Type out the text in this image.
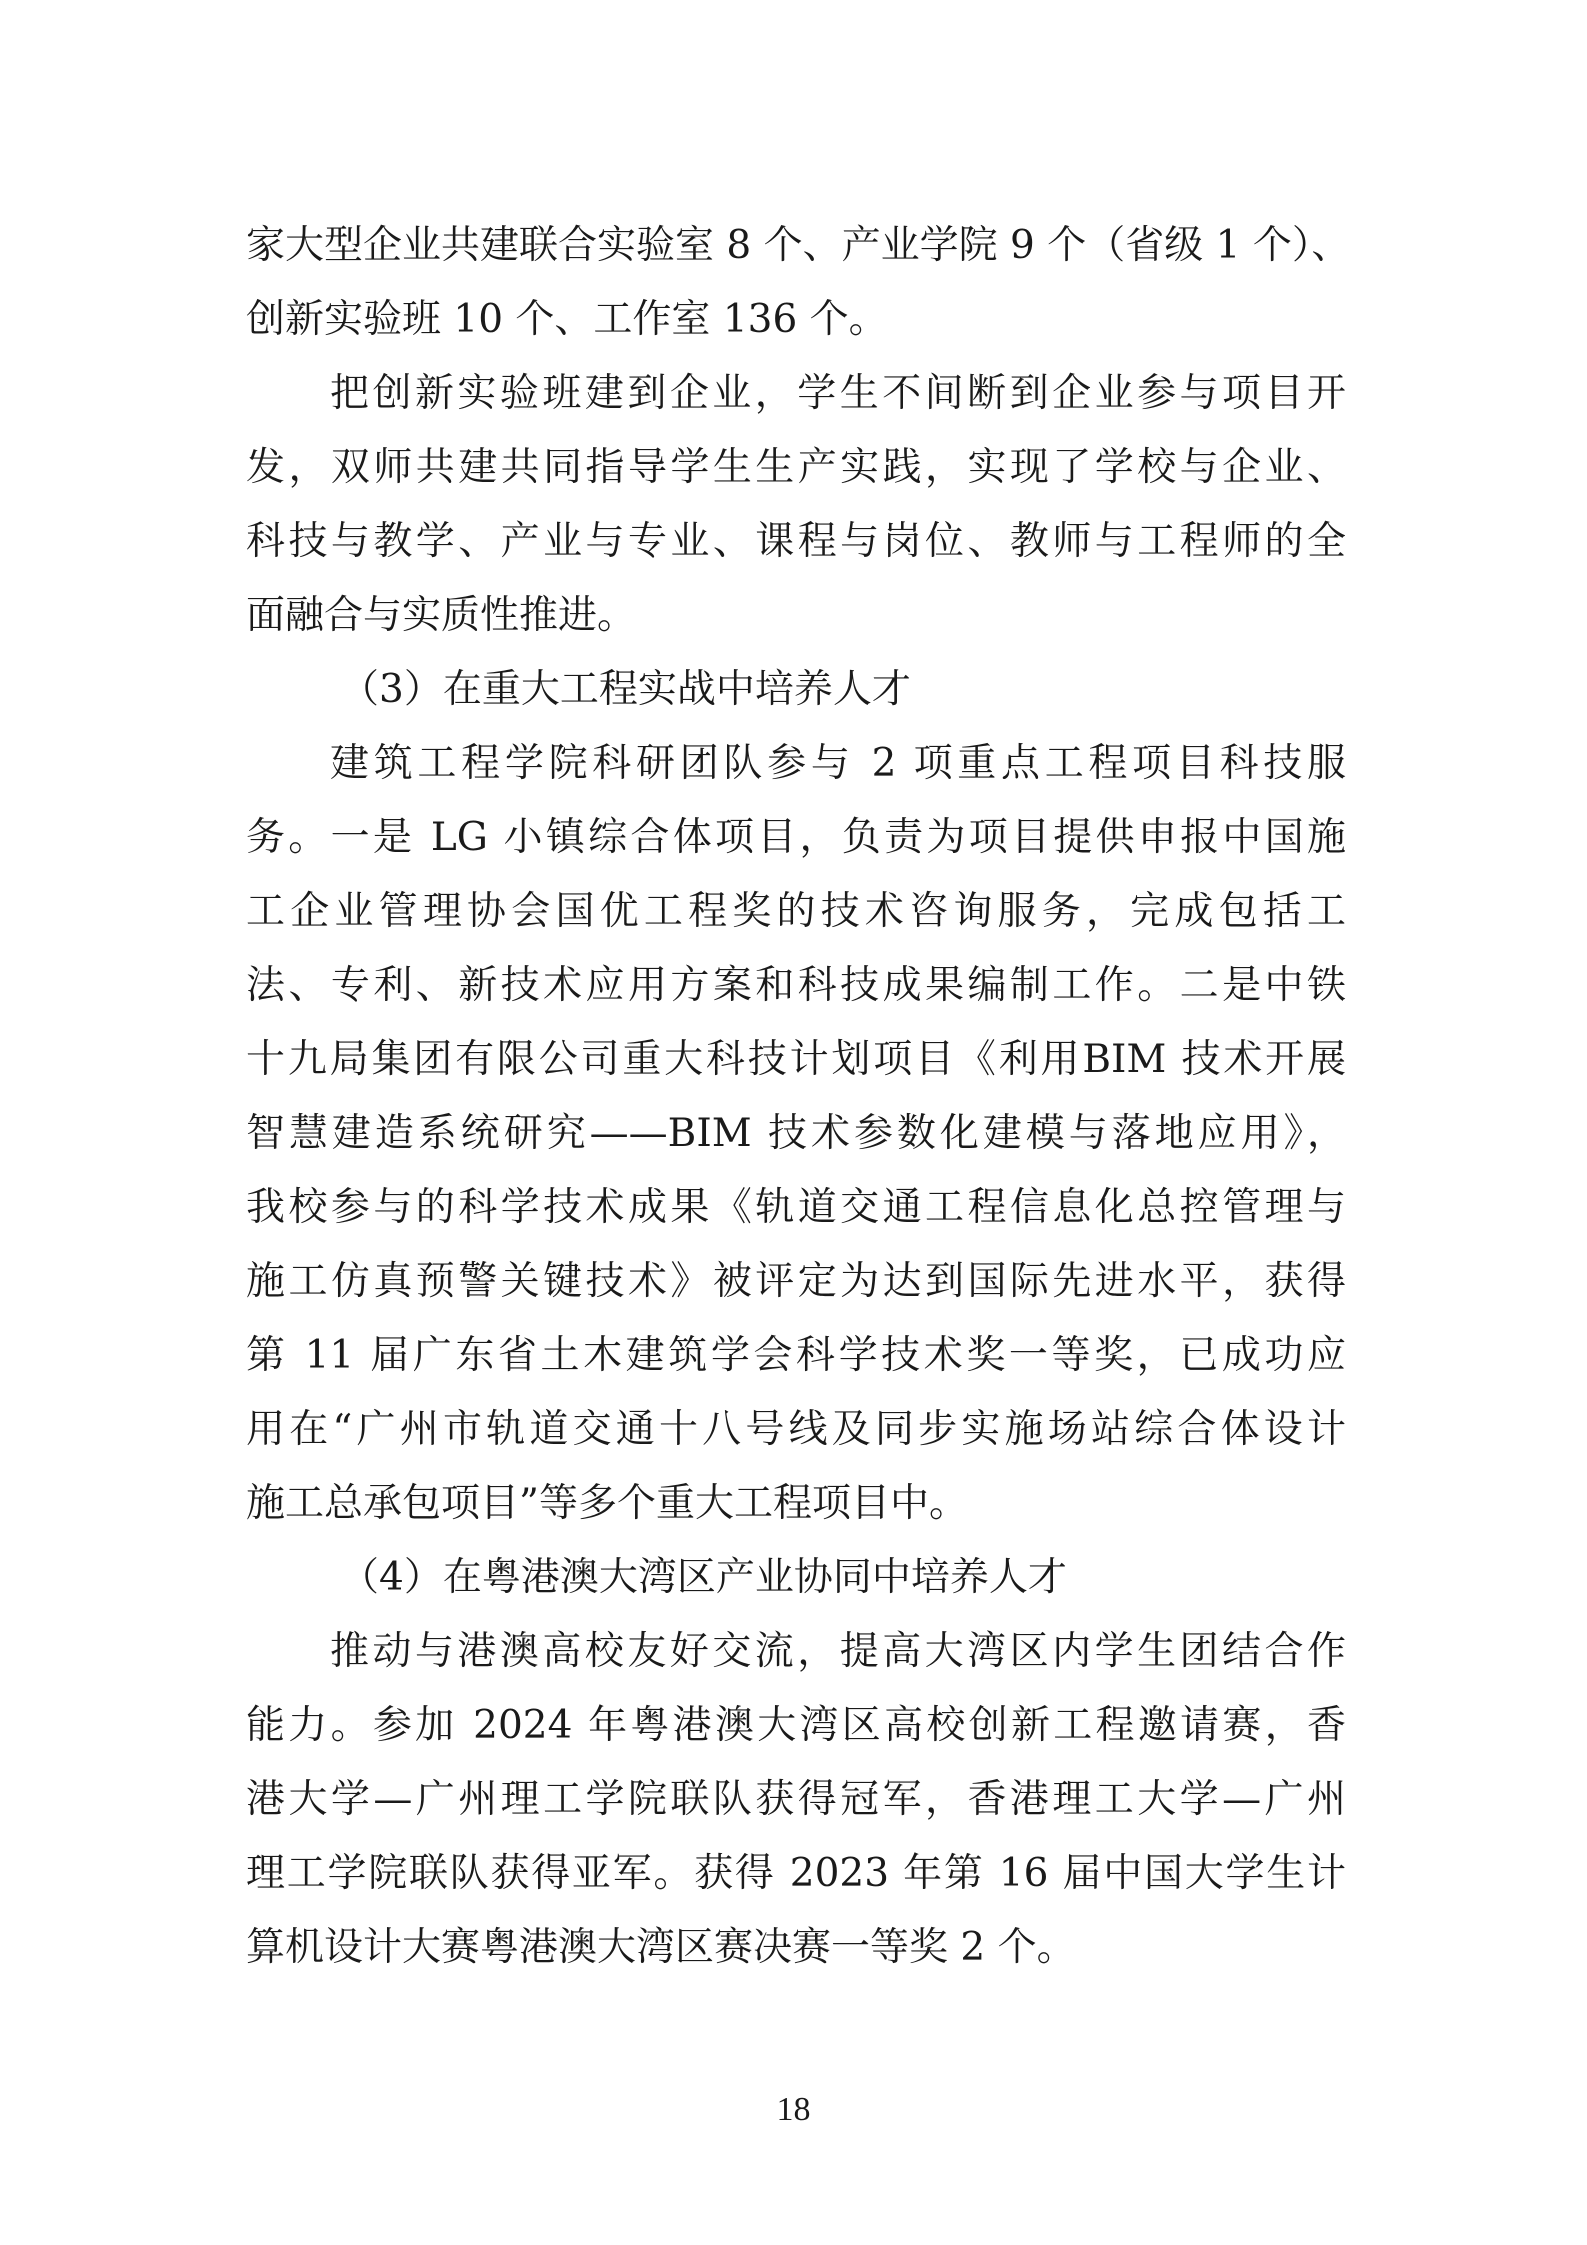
家大型企业共建联合实验室 8 个、产业学院 9 个（省级 1 个）、
创新实验班 10 个、工作室 136 个。
把创新实验班建到企业，学生不间断到企业参与项目开
发，双师共建共同指导学生生产实践，实现了学校与企业、
科技与教学、产业与专业、课程与岗位、教师与工程师的全
面融合与实质性推进。
（3）在重大工程实战中培养人才
建筑工程学院科研团队参与 2 项重点工程项目科技服
务。一是 LG 小镇综合体项目，负责为项目提供申报中国施
工企业管理协会国优工程奖的技术咨询服务，完成包括工
法、专利、新技术应用方案和科技成果编制工作。二是中铁
十九局集团有限公司重大科技计划项目《利用BIM 技术开展
智慧建造系统研究——BIM 技术参数化建模与落地应用》，
我校参与的科学技术成果《轨道交通工程信息化总控管理与
施工仿真预警关键技术》被评定为达到国际先进水平，获得
第 11 届广东省土木建筑学会科学技术奖一等奖，已成功应
用在“广州市轨道交通十八号线及同步实施场站综合体设计
施工总承包项目”等多个重大工程项目中。
（4）在粤港澳大湾区产业协同中培养人才
推动与港澳高校友好交流，提高大湾区内学生团结合作
能力。参加 2024 年粤港澳大湾区高校创新工程邀请赛，香
港大学—广州理工学院联队获得冠军，香港理工大学—广州
理工学院联队获得亚军。获得 2023 年第 16 届中国大学生计
算机设计大赛粤港澳大湾区赛决赛一等奖 2 个。
18
